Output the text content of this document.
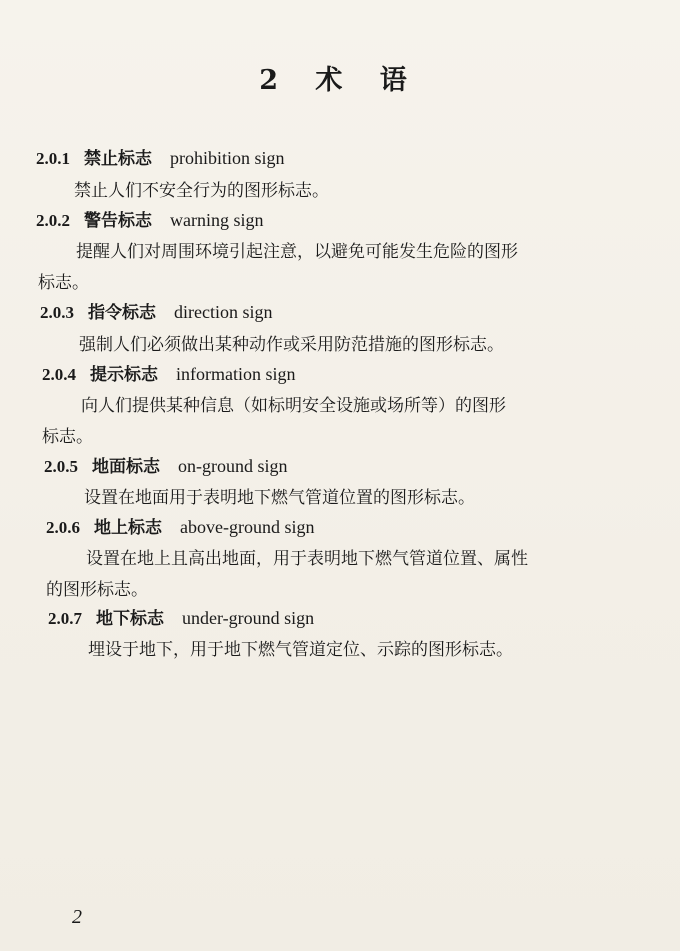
2 术 语
2.0.1 禁止标志 prohibition sign
禁止人们不安全行为的图形标志。
2.0.2 警告标志 warning sign
提醒人们对周围环境引起注意，以避免可能发生危险的图形
标志。
2.0.3 指令标志 direction sign
强制人们必须做出某种动作或采用防范措施的图形标志。
2.0.4 提示标志 information sign
向人们提供某种信息（如标明安全设施或场所等）的图形
标志。
2.0.5 地面标志 on-ground sign
设置在地面用于表明地下燃气管道位置的图形标志。
2.0.6 地上标志 above-ground sign
设置在地上且高出地面，用于表明地下燃气管道位置、属性
的图形标志。
2.0.7 地下标志 under-ground sign
埋设于地下，用于地下燃气管道定位、示踪的图形标志。
2
